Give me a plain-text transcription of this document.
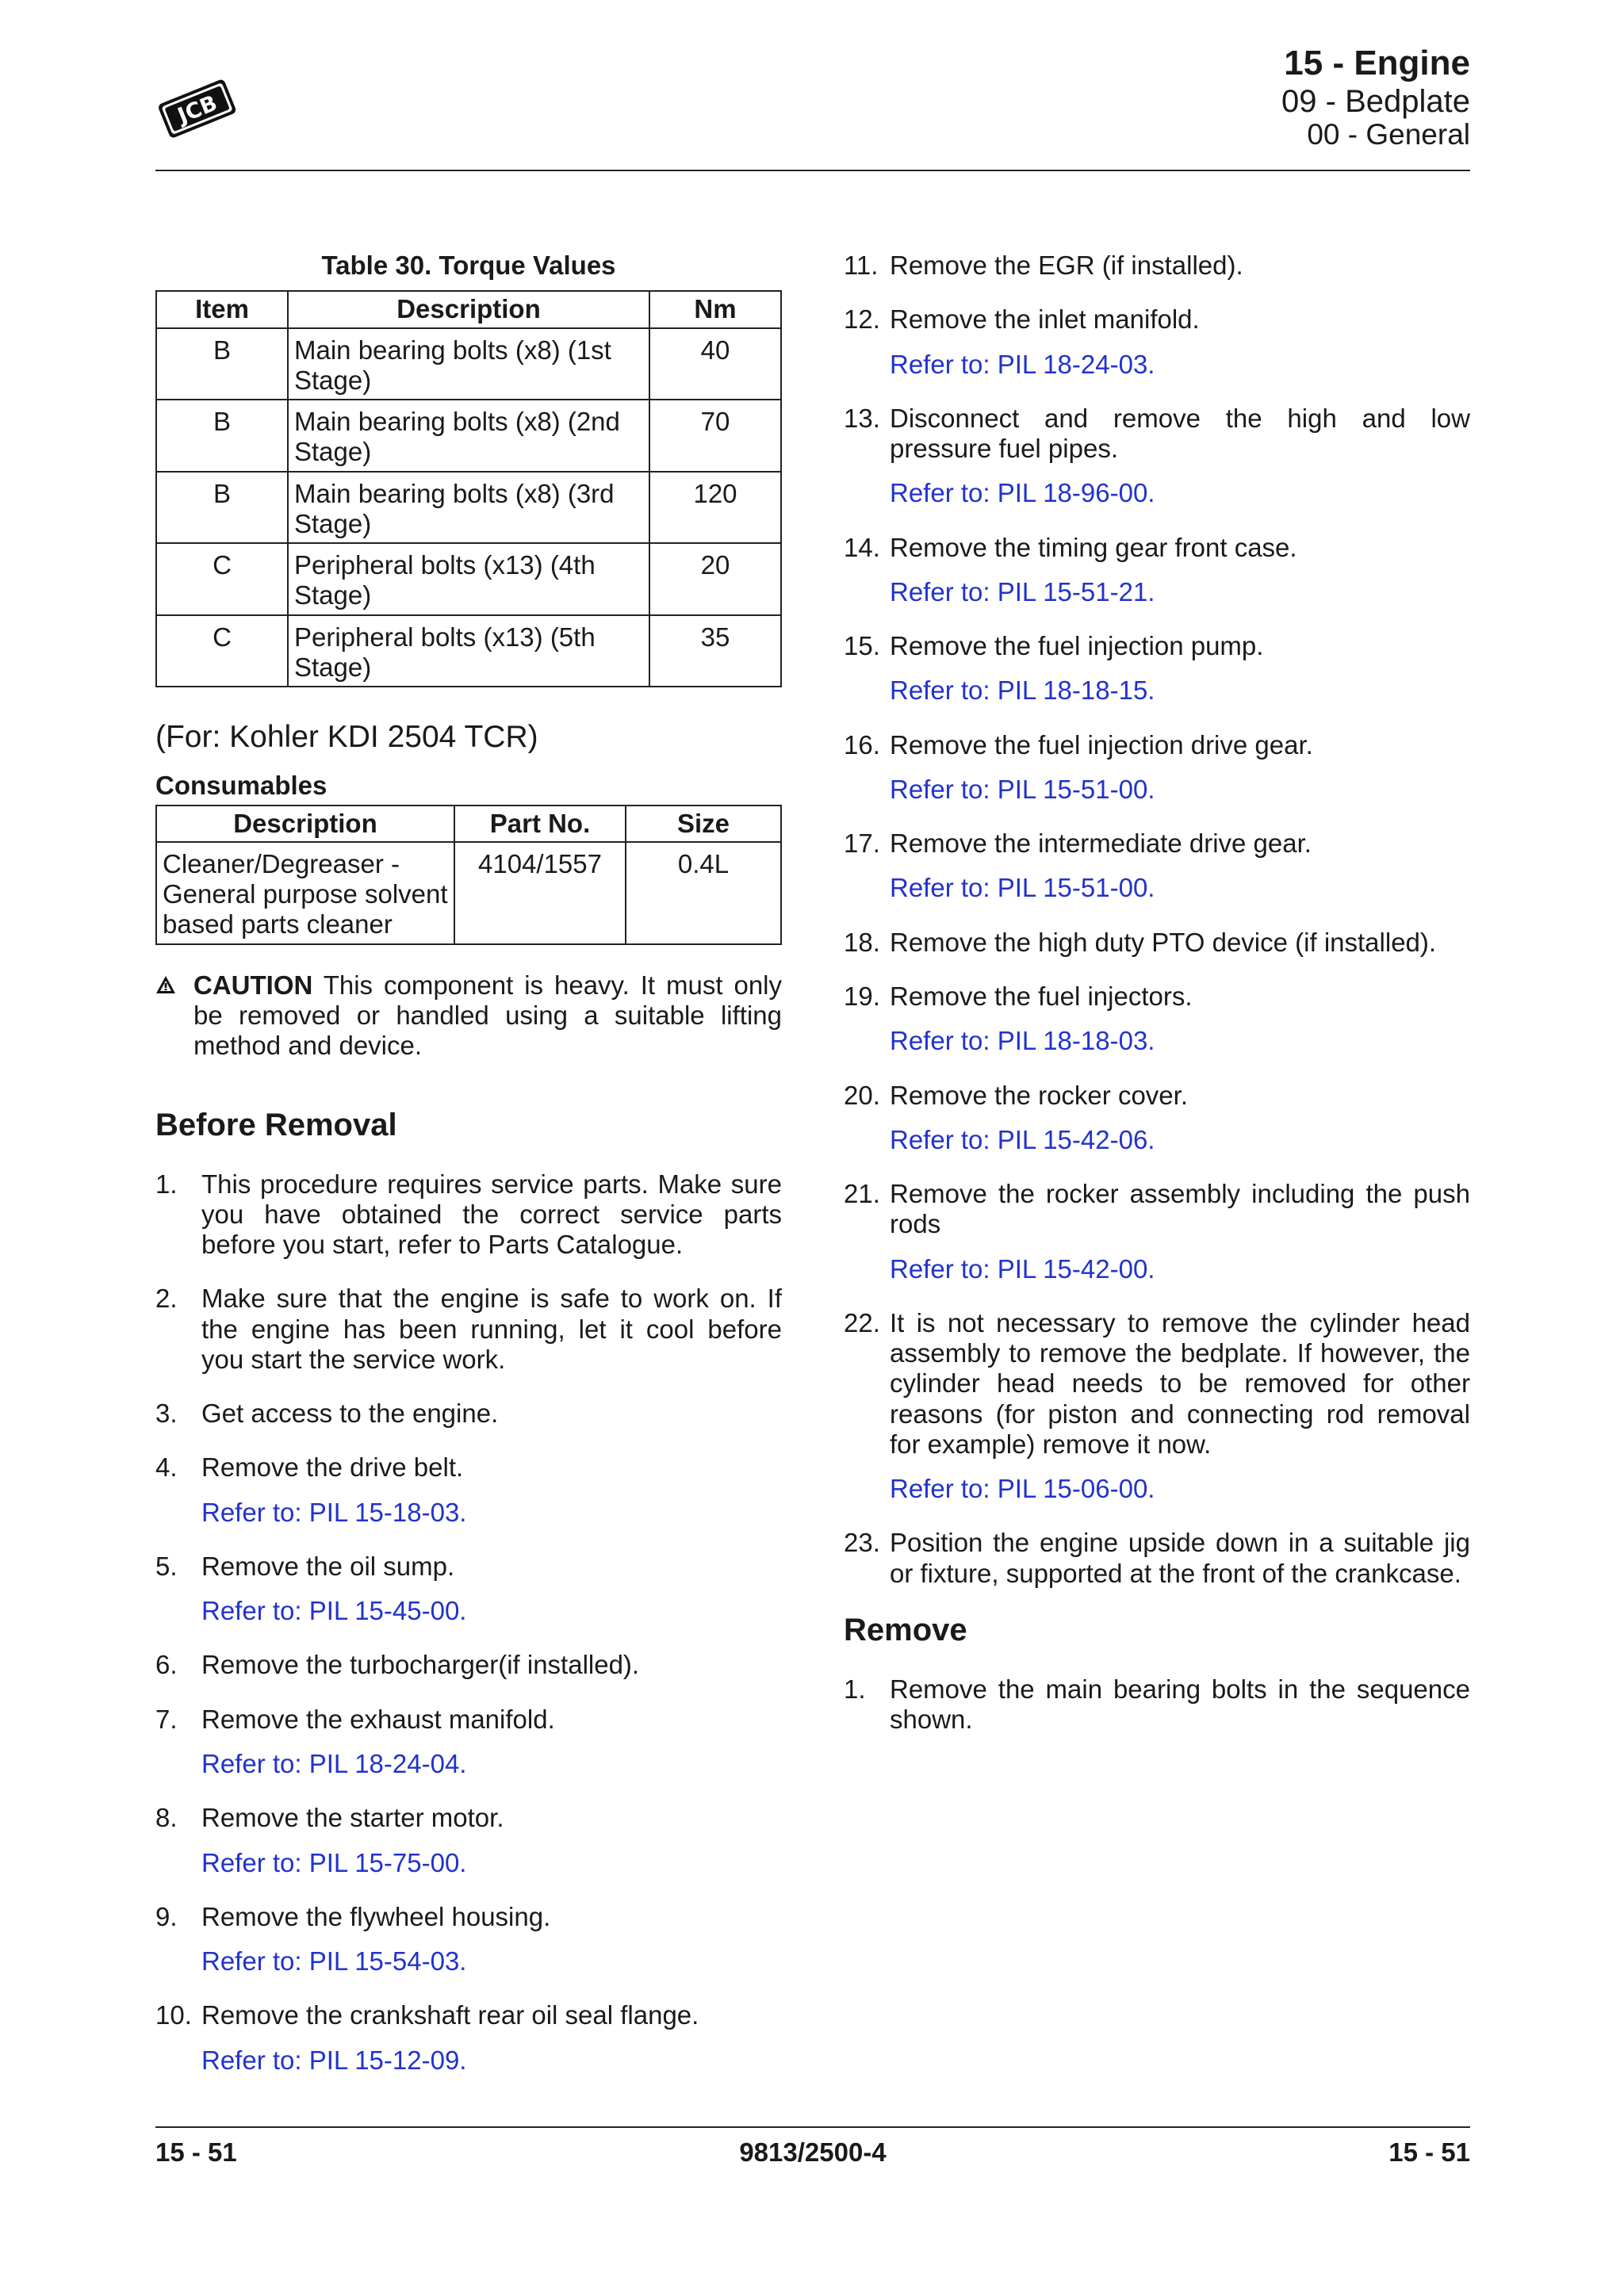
JCB
15 - Engine
09 - Bedplate
00 - General
Table 30. Torque Values
Item	Description	Nm
B	Main bearing bolts (x8) (1st Stage)	40
B	Main bearing bolts (x8) (2nd Stage)	70
B	Main bearing bolts (x8) (3rd Stage)	120
C	Peripheral bolts (x13) (4th Stage)	20
C	Peripheral bolts (x13) (5th Stage)	35
(For: Kohler KDI 2504 TCR)
Consumables
Description	Part No.	Size
Cleaner/Degreaser - General purpose solvent based parts cleaner	4104/1557	0.4L
CAUTION This component is heavy. It must only be removed or handled using a suitable lifting method and device.
Before Removal
1. This procedure requires service parts. Make sure you have obtained the correct service parts before you start, refer to Parts Catalogue.
2. Make sure that the engine is safe to work on. If the engine has been running, let it cool before you start the service work.
3. Get access to the engine.
4. Remove the drive belt.
Refer to: PIL 15-18-03.
5. Remove the oil sump.
Refer to: PIL 15-45-00.
6. Remove the turbocharger(if installed).
7. Remove the exhaust manifold.
Refer to: PIL 18-24-04.
8. Remove the starter motor.
Refer to: PIL 15-75-00.
9. Remove the flywheel housing.
Refer to: PIL 15-54-03.
10. Remove the crankshaft rear oil seal flange.
Refer to: PIL 15-12-09.
11. Remove the EGR (if installed).
12. Remove the inlet manifold.
Refer to: PIL 18-24-03.
13. Disconnect and remove the high and low pressure fuel pipes.
Refer to: PIL 18-96-00.
14. Remove the timing gear front case.
Refer to: PIL 15-51-21.
15. Remove the fuel injection pump.
Refer to: PIL 18-18-15.
16. Remove the fuel injection drive gear.
Refer to: PIL 15-51-00.
17. Remove the intermediate drive gear.
Refer to: PIL 15-51-00.
18. Remove the high duty PTO device (if installed).
19. Remove the fuel injectors.
Refer to: PIL 18-18-03.
20. Remove the rocker cover.
Refer to: PIL 15-42-06.
21. Remove the rocker assembly including the push rods
Refer to: PIL 15-42-00.
22. It is not necessary to remove the cylinder head assembly to remove the bedplate. If however, the cylinder head needs to be removed for other reasons (for piston and connecting rod removal for example) remove it now.
Refer to: PIL 15-06-00.
23. Position the engine upside down in a suitable jig or fixture, supported at the front of the crankcase.
Remove
1. Remove the main bearing bolts in the sequence shown.
15 - 51	9813/2500-4	15 - 51
